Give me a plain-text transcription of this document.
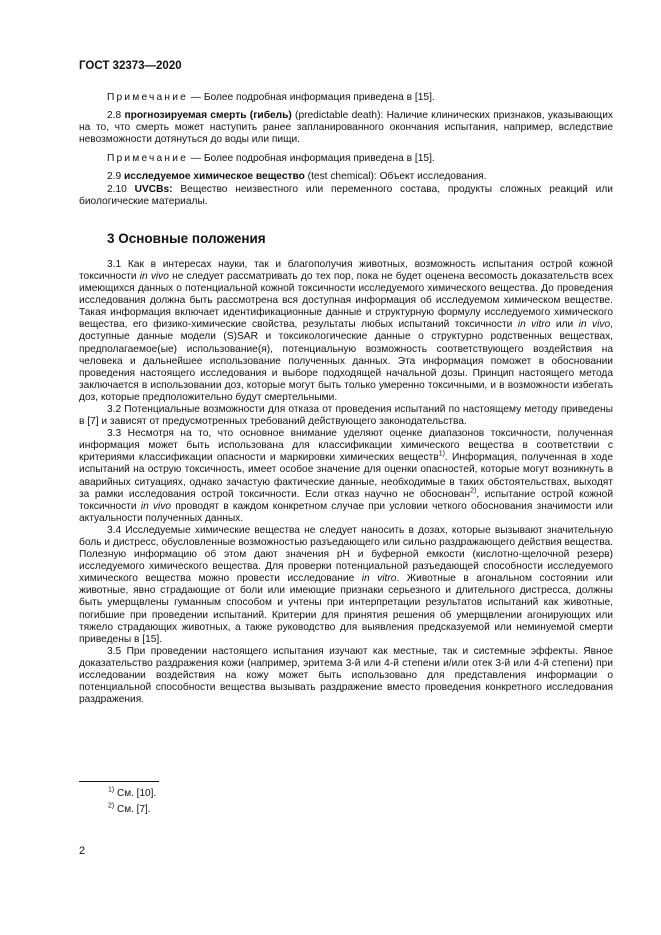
ГОСТ 32373—2020

Примечание — Более подробная информация приведена в [15].

2.8 прогнозируемая смерть (гибель) (predictable death): Наличие клинических признаков, указывающих на то, что смерть может наступить ранее запланированного окончания испытания, например, вследствие невозможности дотянуться до воды или пищи.

Примечание — Более подробная информация приведена в [15].

2.9 исследуемое химическое вещество (test chemical): Объект исследования.

2.10 UVCBs: Вещество неизвестного или переменного состава, продукты сложных реакций или биологические материалы.

3 Основные положения

3.1 Как в интересах науки, так и благополучия животных, возможность испытания острой кожной токсичности in vivo не следует рассматривать до тех пор, пока не будет оценена весомость доказательств всех имеющихся данных о потенциальной кожной токсичности исследуемого химического вещества. До проведения исследования должна быть рассмотрена вся доступная информация об исследуемом химическом веществе. Такая информация включает идентификационные данные и структурную формулу исследуемого химического вещества, его физико-химические свойства, результаты любых испытаний токсичности in vitro или in vivo, доступные данные модели (S)SAR и токсикологические данные о структурно родственных веществах, предполагаемое(ые) использование(я), потенциальную возможность соответствующего воздействия на человека и дальнейшее использование полученных данных. Эта информация поможет в обосновании проведения настоящего исследования и выборе подходящей начальной дозы. Принцип настоящего метода заключается в использовании доз, которые могут быть только умеренно токсичными, и в возможности избегать доз, которые предположительно будут смертельными.

3.2 Потенциальные возможности для отказа от проведения испытаний по настоящему методу приведены в [7] и зависят от предусмотренных требований действующего законодательства.

3.3 Несмотря на то, что основное внимание уделяют оценке диапазонов токсичности, полученная информация может быть использована для классификации химического вещества в соответствии с критериями классификации опасности и маркировки химических веществ$^{1)}$. Информация, полученная в ходе испытаний на острую токсичность, имеет особое значение для оценки опасностей, которые могут возникнуть в аварийных ситуациях, однако зачастую фактические данные, необходимые в таких обстоятельствах, выходят за рамки исследования острой токсичности. Если отказ научно не обоснован$^{2)}$, испытание острой кожной токсичности in vivo проводят в каждом конкретном случае при условии четкого обоснования значимости или актуальности полученных данных.

3.4 Исследуемые химические вещества не следует наносить в дозах, которые вызывают значительную боль и дистресс, обусловленные возможностью разъедающего или сильно раздражающего действия вещества. Полезную информацию об этом дают значения pH и буферной емкости (кислотно-щелочной резерв) исследуемого химического вещества. Для проверки потенциальной разъедающей способности исследуемого химического вещества можно провести исследование in vitro. Животные в агональном состоянии или животные, явно страдающие от боли или имеющие признаки серьезного и длительного дистресса, должны быть умерщвлены гуманным способом и учтены при интерпретации результатов испытаний как животные, погибшие при проведении испытаний. Критерии для принятия решения об умерщвлении агонирующих или тяжело страдающих животных, а также руководство для выявления предсказуемой или неминуемой смерти приведены в [15].

3.5 При проведении настоящего испытания изучают как местные, так и системные эффекты. Явное доказательство раздражения кожи (например, эритема 3-й или 4-й степени и/или отек 3-й или 4-й степени) при исследовании воздействия на кожу может быть использовано для представления информации о потенциальной способности вещества вызывать раздражение вместо проведения конкретного исследования раздражения.

$^{1)}$ См. [10].
$^{2)}$ См. [7].
2
